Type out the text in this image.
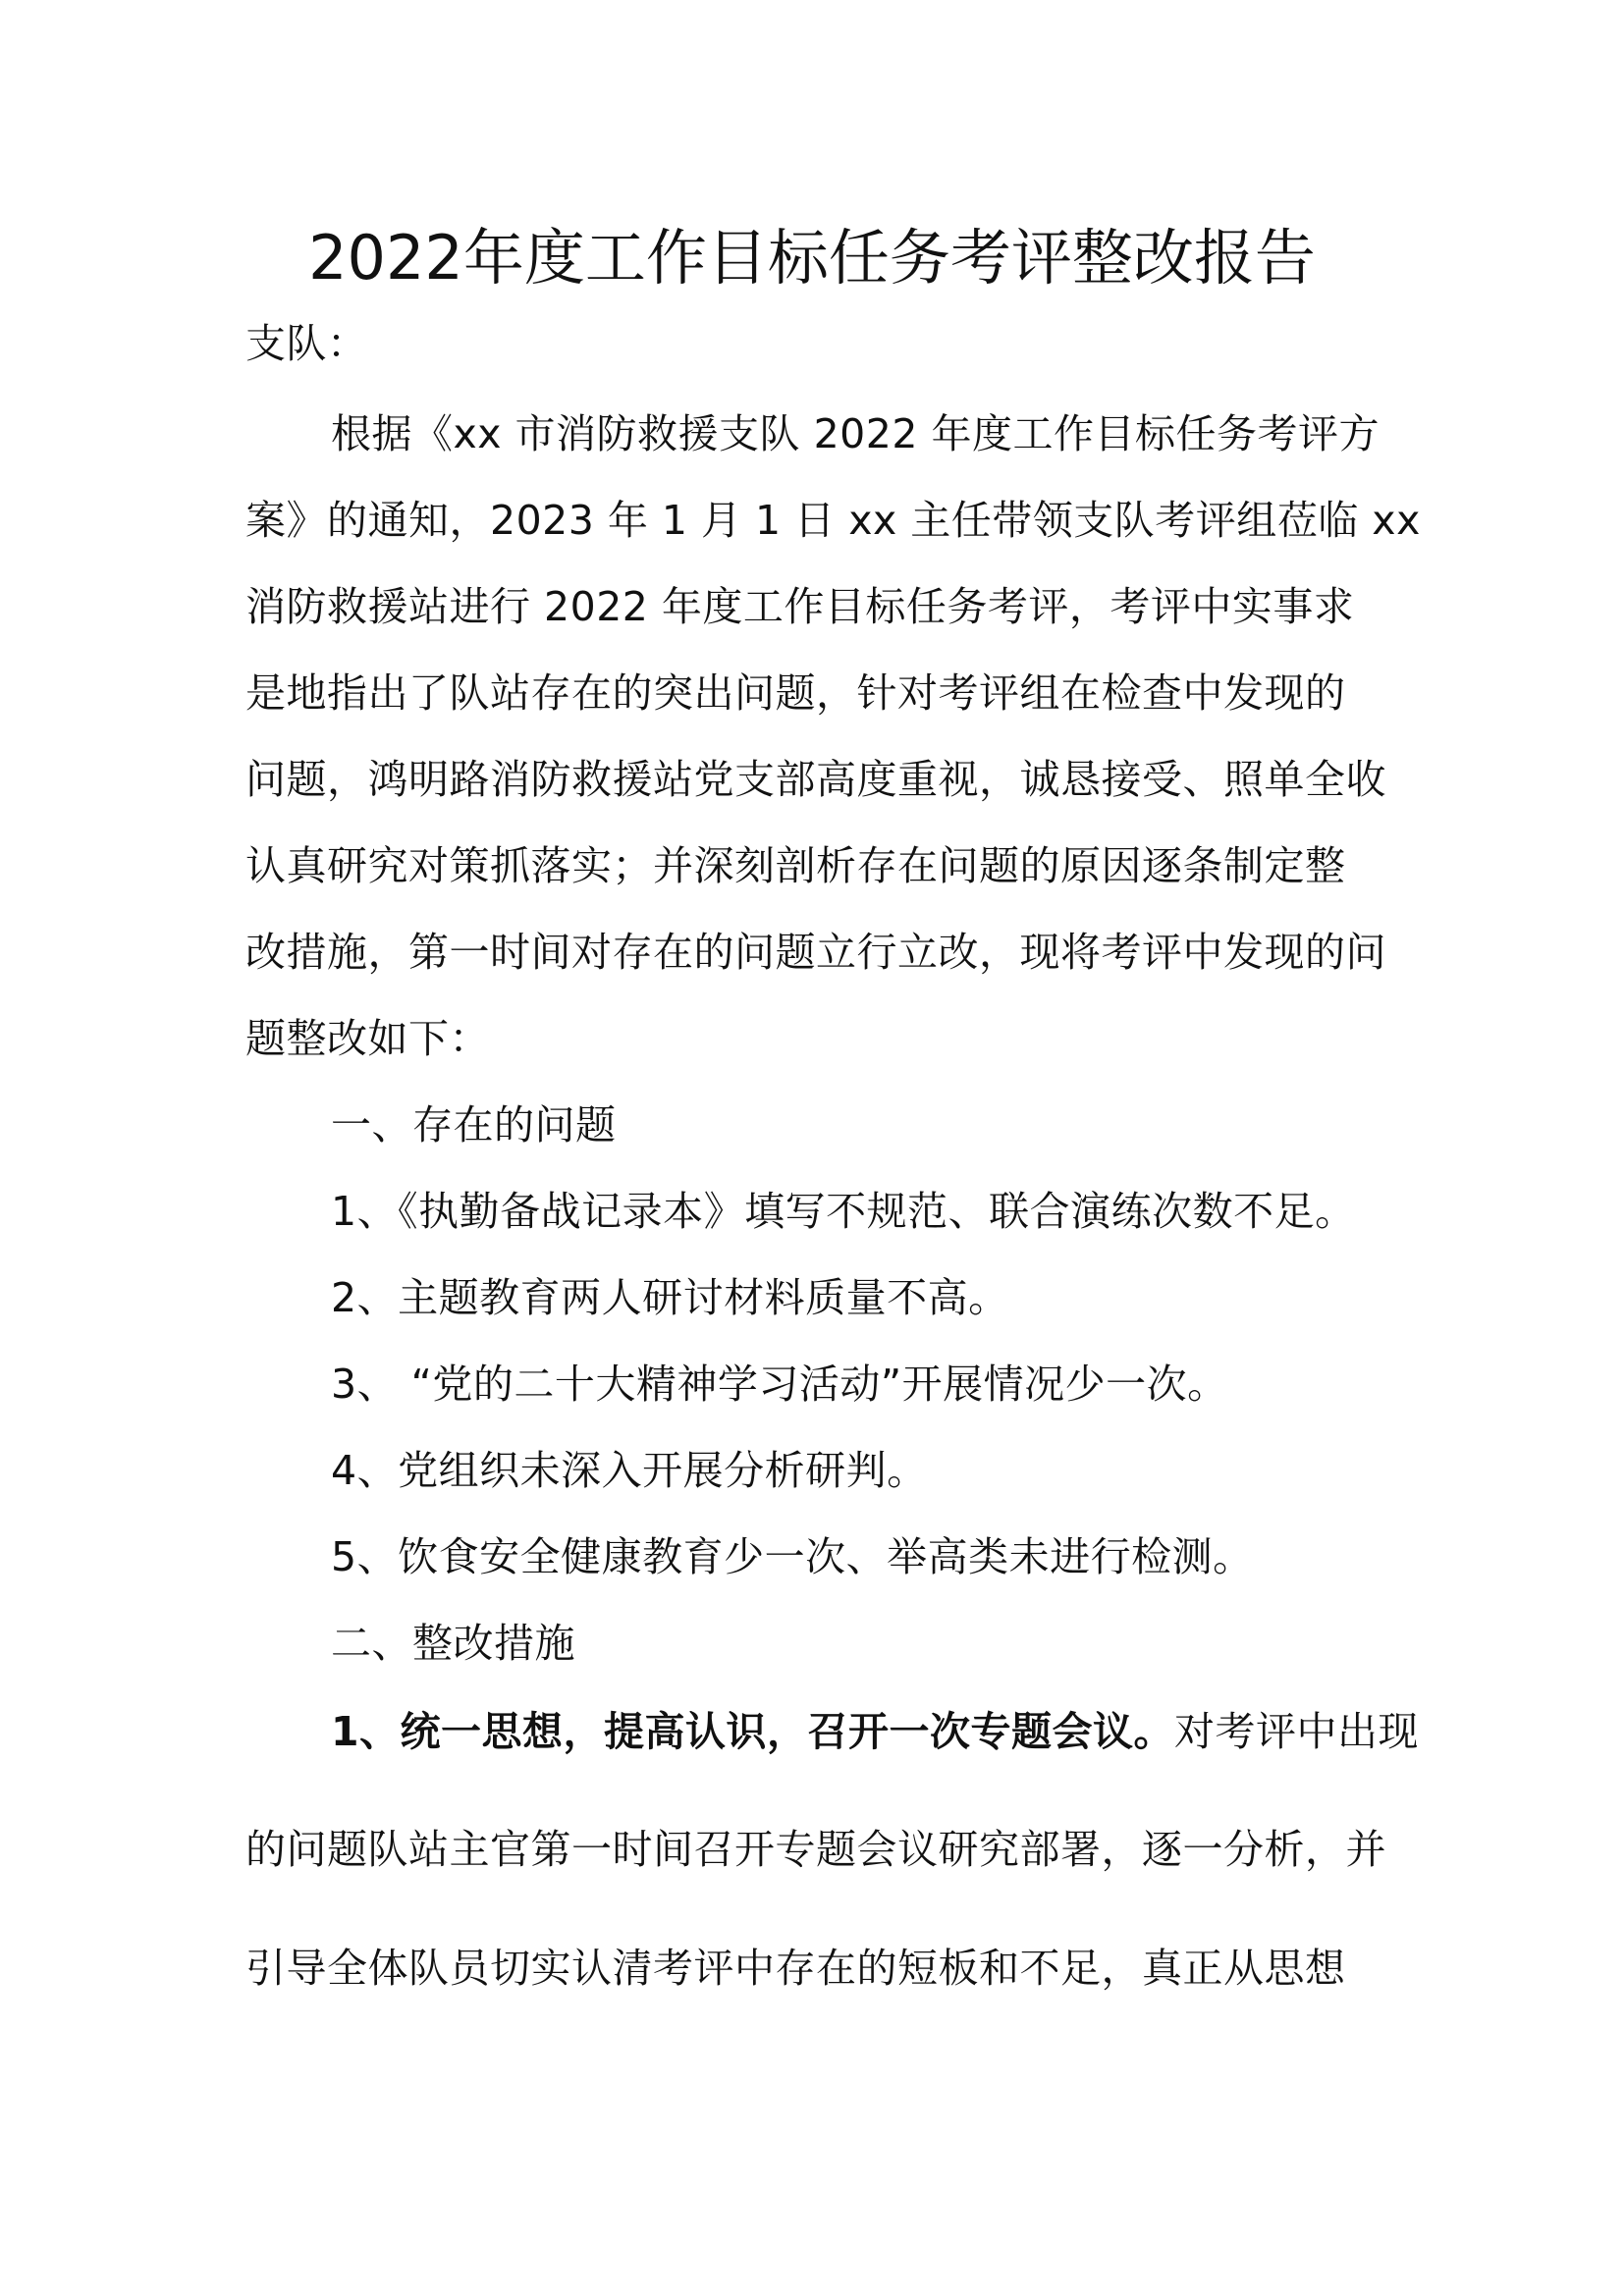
2022年度工作目标任务考评整改报告
支队：
根据《xx 市消防救援支队 2022 年度工作目标任务考评方
案》的通知，2023 年 1 月 1 日 xx 主任带领支队考评组莅临 xx
消防救援站进行 2022 年度工作目标任务考评，考评中实事求
是地指出了队站存在的突出问题，针对考评组在检查中发现的
问题，鸿明路消防救援站党支部高度重视，诚恳接受、照单全收
认真研究对策抓落实；并深刻剖析存在问题的原因逐条制定整
改措施，第一时间对存在的问题立行立改，现将考评中发现的问
题整改如下：
一、存在的问题
1、《执勤备战记录本》填写不规范、联合演练次数不足。
2、主题教育两人研讨材料质量不高。
3、 “党的二十大精神学习活动”开展情况少一次。
4、党组织未深入开展分析研判。
5、饮食安全健康教育少一次、举高类未进行检测。
二、整改措施
1、统一思想，提高认识，召开一次专题会议。对考评中出现
的问题队站主官第一时间召开专题会议研究部署，逐一分析，并
引导全体队员切实认清考评中存在的短板和不足，真正从思想
